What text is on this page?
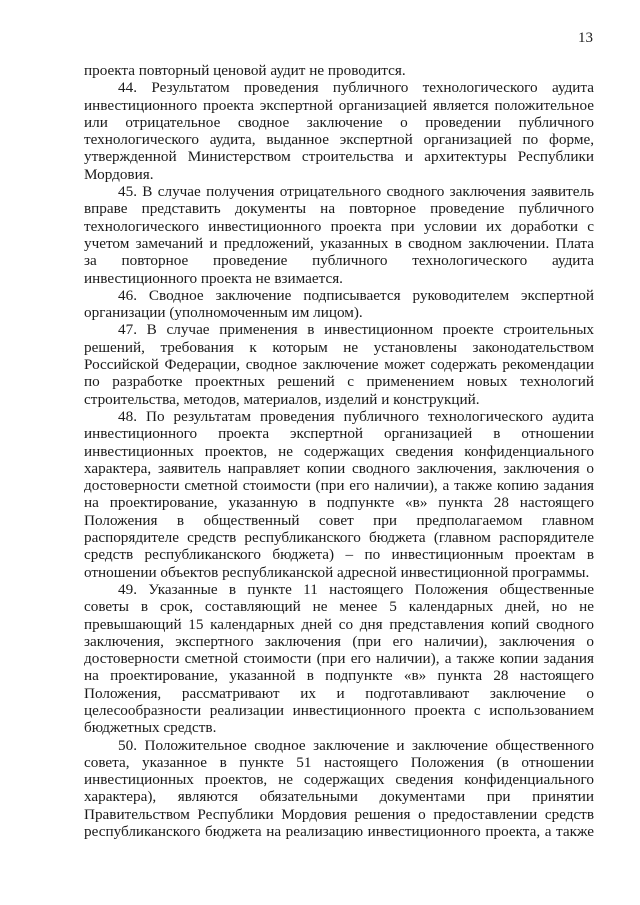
13
проекта повторный ценовой аудит не проводится.
44. Результатом проведения публичного технологического аудита
инвестиционного проекта экспертной организацией является положительное
или отрицательное сводное заключение о проведении публичного
технологического аудита, выданное экспертной организацией по форме,
утвержденной Министерством строительства и архитектуры Республики
Мордовия.
45. В случае получения отрицательного сводного заключения заявитель
вправе представить документы на повторное проведение публичного
технологического инвестиционного проекта при условии их доработки с
учетом замечаний и предложений, указанных в сводном заключении. Плата
за повторное проведение публичного технологического аудита
инвестиционного проекта не взимается.
46. Сводное заключение подписывается руководителем экспертной
организации (уполномоченным им лицом).
47. В случае применения в инвестиционном проекте строительных
решений, требования к которым не установлены законодательством
Российской Федерации, сводное заключение может содержать рекомендации
по разработке проектных решений с применением новых технологий
строительства, методов, материалов, изделий и конструкций.
48. По результатам проведения публичного технологического аудита
инвестиционного проекта экспертной организацией в отношении
инвестиционных проектов, не содержащих сведения конфиденциального
характера, заявитель направляет копии сводного заключения, заключения о
достоверности сметной стоимости (при его наличии), а также копию задания
на проектирование, указанную в подпункте «в» пункта 28 настоящего
Положения в общественный совет при предполагаемом главном
распорядителе средств республиканского бюджета (главном распорядителе
средств республиканского бюджета) – по инвестиционным проектам в
отношении объектов республиканской адресной инвестиционной программы.
49. Указанные в пункте 11 настоящего Положения общественные
советы в срок, составляющий не менее 5 календарных дней, но не
превышающий 15 календарных дней со дня представления копий сводного
заключения, экспертного заключения (при его наличии), заключения о
достоверности сметной стоимости (при его наличии), а также копии задания
на проектирование, указанной в подпункте «в» пункта 28 настоящего
Положения, рассматривают их и подготавливают заключение о
целесообразности реализации инвестиционного проекта с использованием
бюджетных средств.
50. Положительное сводное заключение и заключение общественного
совета, указанное в пункте 51 настоящего Положения (в отношении
инвестиционных проектов, не содержащих сведения конфиденциального
характера), являются обязательными документами при принятии
Правительством Республики Мордовия решения о предоставлении средств
республиканского бюджета на реализацию инвестиционного проекта, а также
